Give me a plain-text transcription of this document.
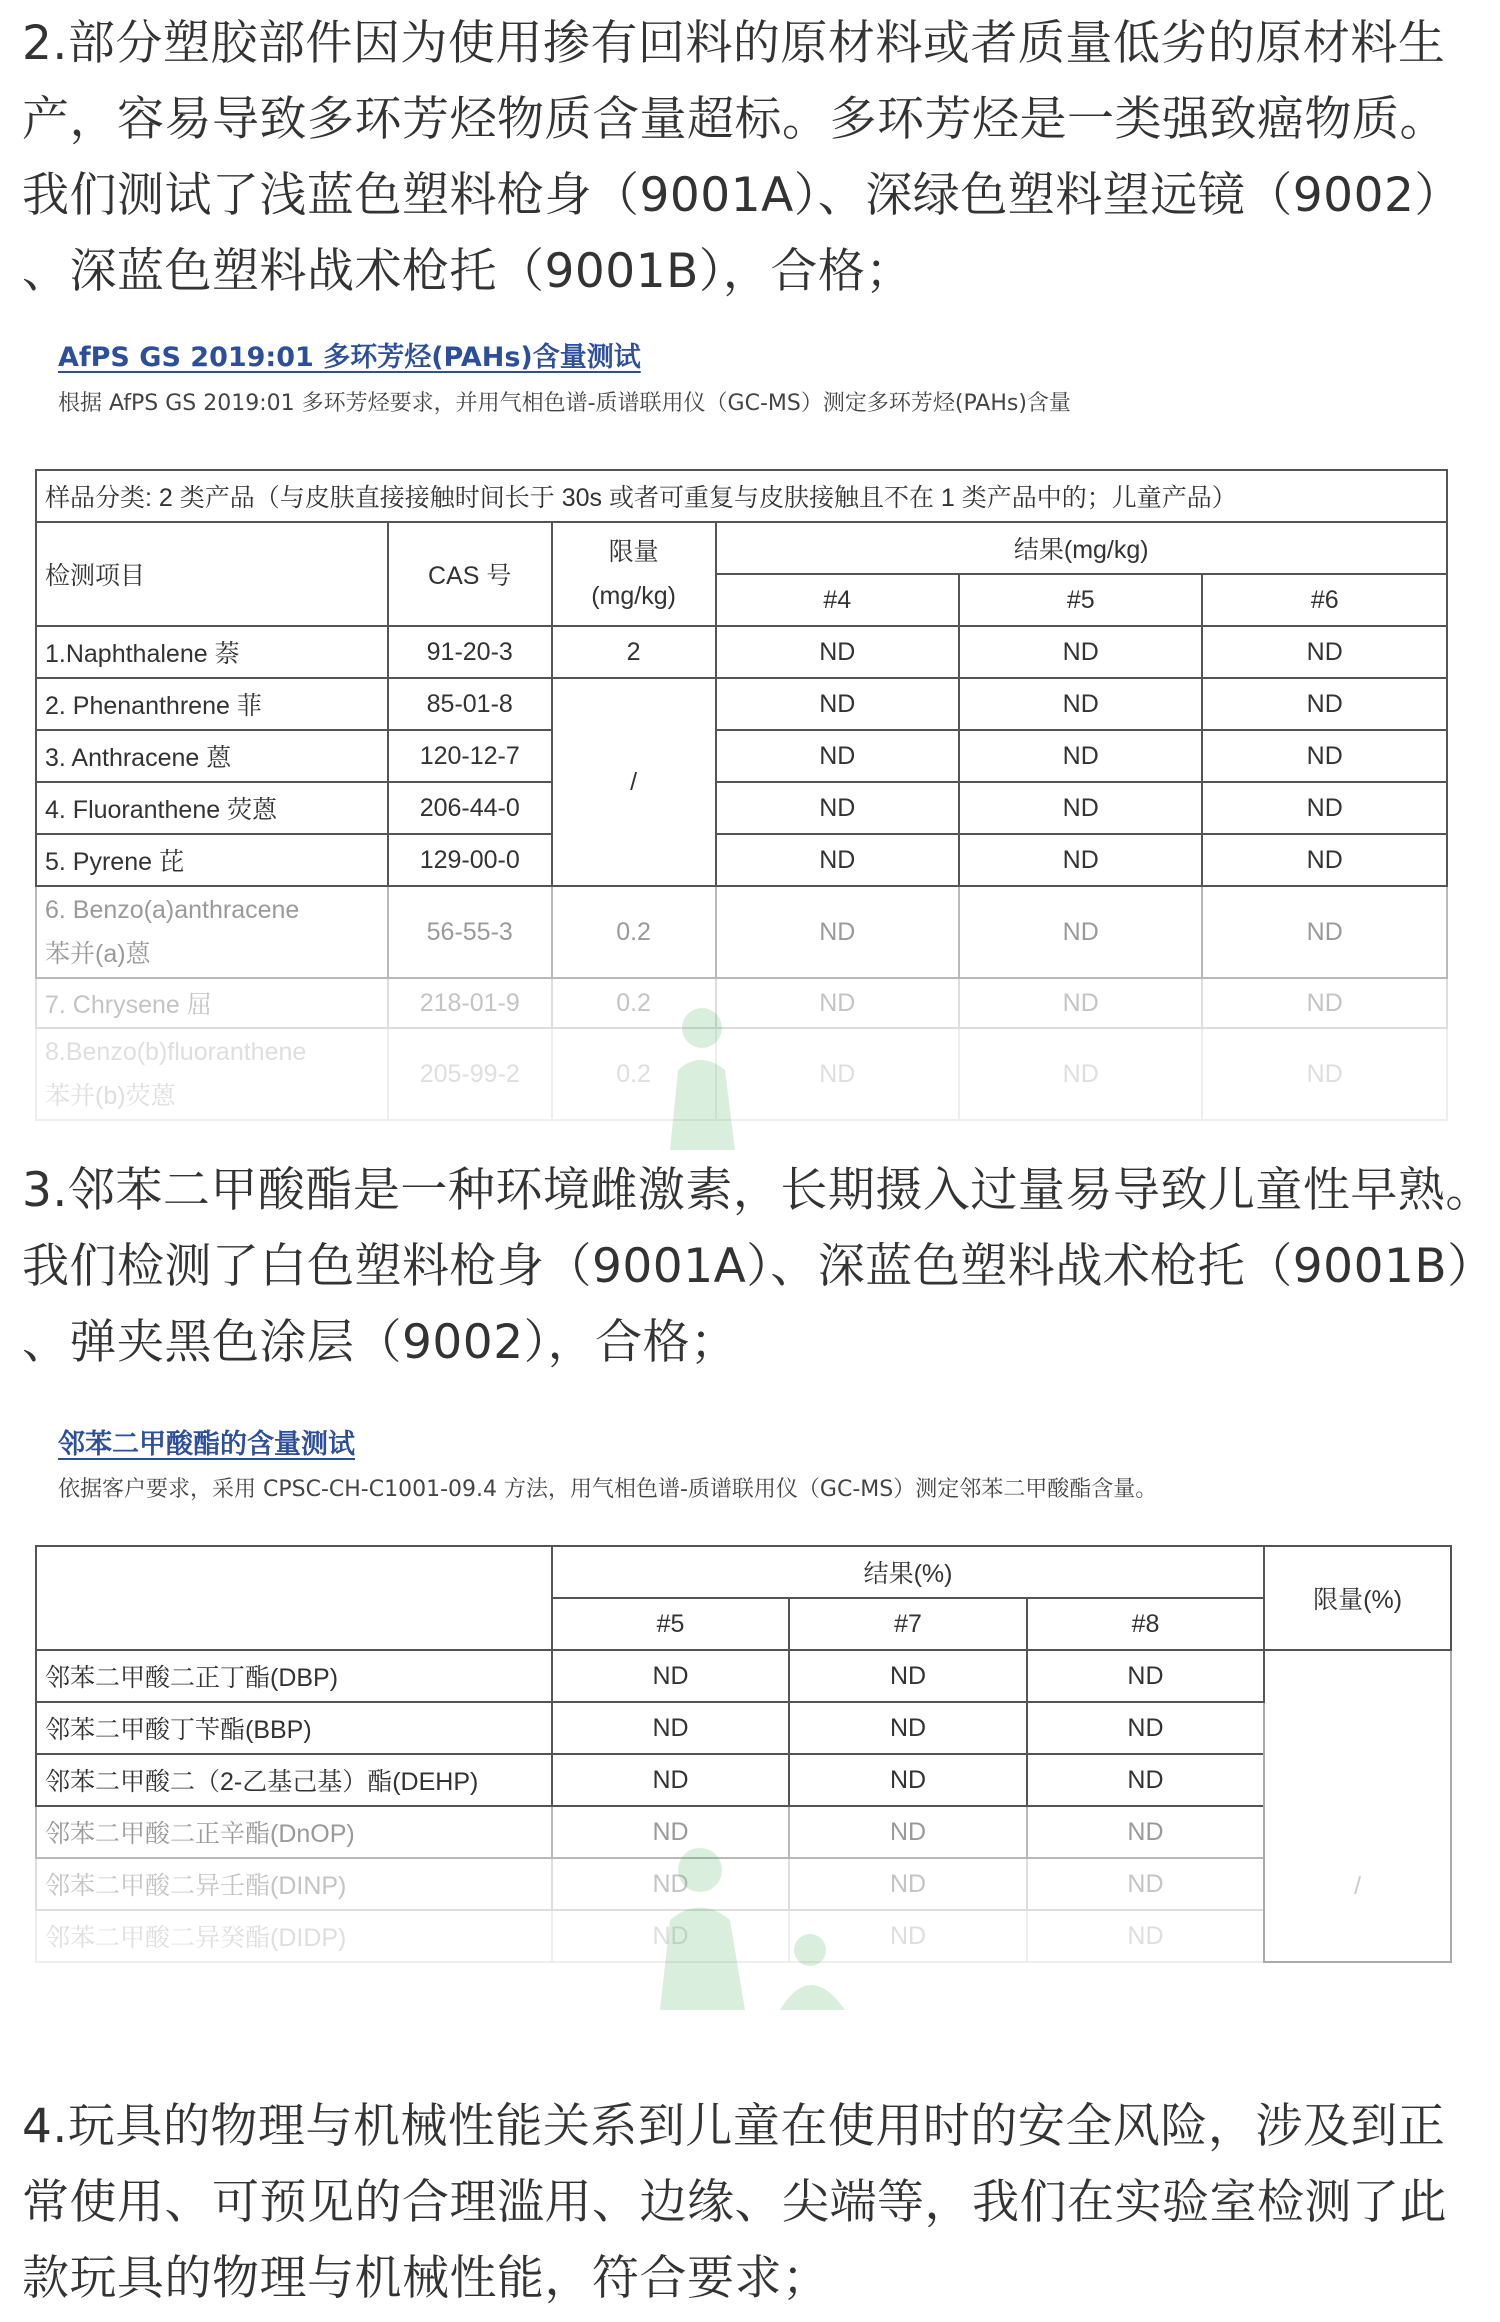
2.部分塑胶部件因为使用掺有回料的原材料或者质量低劣的原材料生
产，容易导致多环芳烃物质含量超标。多环芳烃是一类强致癌物质。
我们测试了浅蓝色塑料枪身（9001A）、深绿色塑料望远镜（9002）
、深蓝色塑料战术枪托（9001B），合格；
AfPS GS 2019:01 多环芳烃(PAHs)含量测试
根据 AfPS GS 2019:01 多环芳烃要求，并用气相色谱-质谱联用仪（GC-MS）测定多环芳烃(PAHs)含量
样品分类: 2 类产品（与皮肤直接接触时间长于 30s 或者可重复与皮肤接触且不在 1 类产品中的；儿童产品）					
检测项目	CAS 号	限量
(mg/kg)	结果(mg/kg)		
			#4	#5	#6
1.Naphthalene 萘	91-20-3	2	ND	ND	ND
2. Phenanthrene 菲	85-01-8	/	ND	ND	ND
3. Anthracene 蒽	120-12-7		ND	ND	ND
4. Fluoranthene 荧蒽	206-44-0		ND	ND	ND
5. Pyrene 芘	129-00-0		ND	ND	ND
6. Benzo(a)anthracene
苯并(a)蒽	56-55-3	0.2	ND	ND	ND
7. Chrysene 屈	218-01-9	0.2	ND	ND	ND
8.Benzo(b)fluoranthene
苯并(b)荧蒽	205-99-2	0.2	ND	ND	ND
3.邻苯二甲酸酯是一种环境雌激素，长期摄入过量易导致儿童性早熟。
我们检测了白色塑料枪身（9001A）、深蓝色塑料战术枪托（9001B）
、弹夹黑色涂层（9002），合格；
邻苯二甲酸酯的含量测试
依据客户要求，采用 CPSC-CH-C1001-09.4 方法，用气相色谱-质谱联用仪（GC-MS）测定邻苯二甲酸酯含量。
	结果(%)			限量(%)
	#5	#7	#8	
邻苯二甲酸二正丁酯(DBP)	ND	ND	ND	/
邻苯二甲酸丁苄酯(BBP)	ND	ND	ND	
邻苯二甲酸二（2-乙基己基）酯(DEHP)	ND	ND	ND	
邻苯二甲酸二正辛酯(DnOP)	ND	ND	ND	
邻苯二甲酸二异壬酯(DINP)	ND	ND	ND	
邻苯二甲酸二异癸酯(DIDP)	ND	ND	ND	
4.玩具的物理与机械性能关系到儿童在使用时的安全风险，涉及到正
常使用、可预见的合理滥用、边缘、尖端等，我们在实验室检测了此
款玩具的物理与机械性能，符合要求；
